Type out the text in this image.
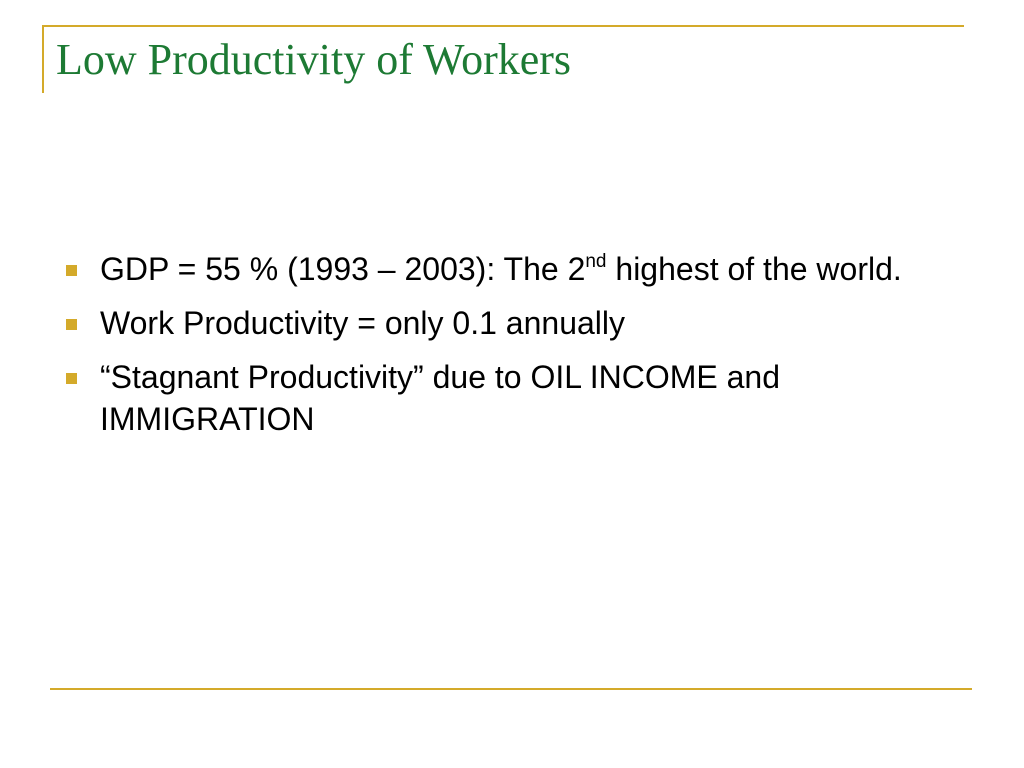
Low Productivity of Workers
GDP = 55 % (1993 – 2003): The 2nd highest of the world.
Work Productivity = only 0.1 annually
“Stagnant Productivity” due to OIL INCOME and IMMIGRATION
